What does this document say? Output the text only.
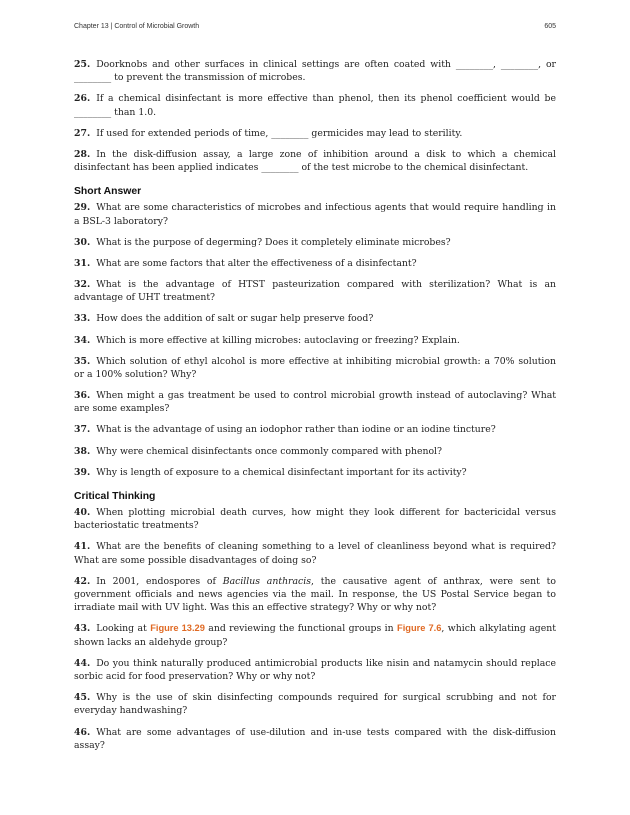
Chapter 13 | Control of Microbial Growth	605

25. Doorknobs and other surfaces in clinical settings are often coated with ________, ________, or ________ to prevent the transmission of microbes.

26. If a chemical disinfectant is more effective than phenol, then its phenol coefficient would be ________ than 1.0.

27. If used for extended periods of time, ________ germicides may lead to sterility.

28. In the disk-diffusion assay, a large zone of inhibition around a disk to which a chemical disinfectant has been applied indicates ________ of the test microbe to the chemical disinfectant.

Short Answer

29. What are some characteristics of microbes and infectious agents that would require handling in a BSL-3 laboratory?

30. What is the purpose of degerming? Does it completely eliminate microbes?

31. What are some factors that alter the effectiveness of a disinfectant?

32. What is the advantage of HTST pasteurization compared with sterilization? What is an advantage of UHT treatment?

33. How does the addition of salt or sugar help preserve food?

34. Which is more effective at killing microbes: autoclaving or freezing? Explain.

35. Which solution of ethyl alcohol is more effective at inhibiting microbial growth: a 70% solution or a 100% solution? Why?

36. When might a gas treatment be used to control microbial growth instead of autoclaving? What are some examples?

37. What is the advantage of using an iodophor rather than iodine or an iodine tincture?

38. Why were chemical disinfectants once commonly compared with phenol?

39. Why is length of exposure to a chemical disinfectant important for its activity?

Critical Thinking

40. When plotting microbial death curves, how might they look different for bactericidal versus bacteriostatic treatments?

41. What are the benefits of cleaning something to a level of cleanliness beyond what is required? What are some possible disadvantages of doing so?

42. In 2001, endospores of Bacillus anthracis, the causative agent of anthrax, were sent to government officials and news agencies via the mail. In response, the US Postal Service began to irradiate mail with UV light. Was this an effective strategy? Why or why not?

43. Looking at Figure 13.29 and reviewing the functional groups in Figure 7.6, which alkylating agent shown lacks an aldehyde group?

44. Do you think naturally produced antimicrobial products like nisin and natamycin should replace sorbic acid for food preservation? Why or why not?

45. Why is the use of skin disinfecting compounds required for surgical scrubbing and not for everyday handwashing?

46. What are some advantages of use-dilution and in-use tests compared with the disk-diffusion assay?
